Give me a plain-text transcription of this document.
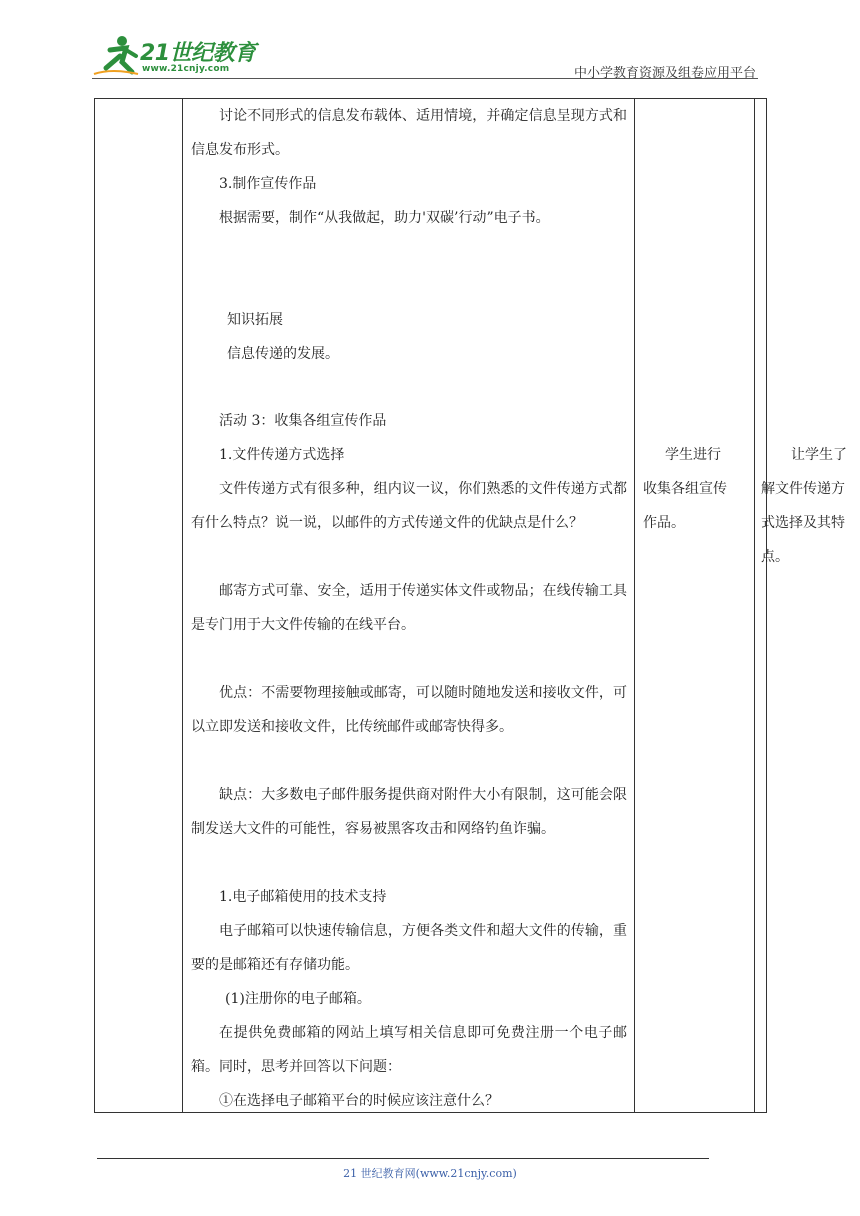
21世纪教育
www.21cnjy.com	中小学教育资源及组卷应用平台
讨论不同形式的信息发布载体、适用情境，并确定信息呈现方式和信息发布形式。
3.制作宣传作品
根据需要，制作“从我做起，助力'双碳’行动”电子书。
知识拓展
信息传递的发展。
活动 3：收集各组宣传作品
1.文件传递方式选择
文件传递方式有很多种，组内议一议，你们熟悉的文件传递方式都有什么特点？说一说，以邮件的方式传递文件的优缺点是什么？
邮寄方式可靠、安全，适用于传递实体文件或物品；在线传输工具是专门用于大文件传输的在线平台。
优点：不需要物理接触或邮寄，可以随时随地发送和接收文件，可以立即发送和接收文件，比传统邮件或邮寄快得多。
缺点：大多数电子邮件服务提供商对附件大小有限制，这可能会限制发送大文件的可能性，容易被黑客攻击和网络钓鱼诈骗。
1.电子邮箱使用的技术支持
电子邮箱可以快速传输信息，方便各类文件和超大文件的传输，重要的是邮箱还有存储功能。
(1)注册你的电子邮箱。
在提供免费邮箱的网站上填写相关信息即可免费注册一个电子邮箱。同时，思考并回答以下问题：
①在选择电子邮箱平台的时候应该注意什么？
学生进行
收集各组宣传
作品。
让学生了
解文件传递方
式选择及其特
点。
21 世纪教育网(www.21cnjy.com)
